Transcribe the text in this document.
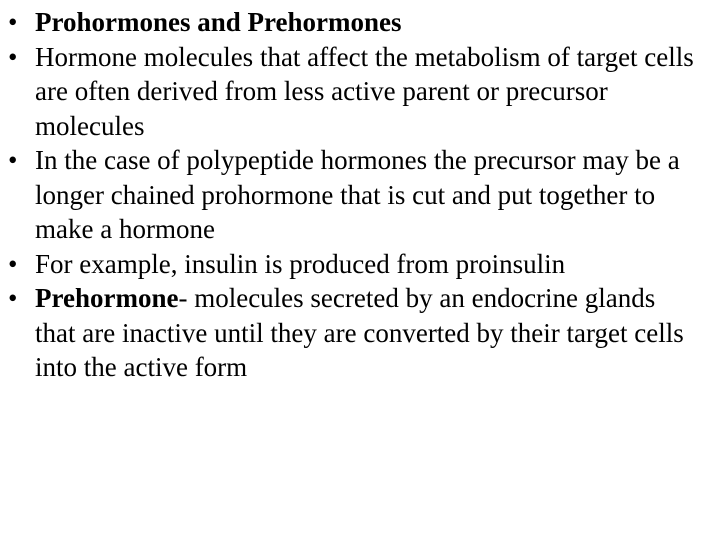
• Prohormones and Prehormones
• Hormone molecules that affect the metabolism of target cells are often derived from less active parent or precursor molecules
• In the case of polypeptide hormones the precursor may be a longer chained prohormone that is cut and put together to make a hormone
• For example, insulin is produced from proinsulin
• Prehormone- molecules secreted by an endocrine glands that are inactive until they are converted by their target cells into the active form
